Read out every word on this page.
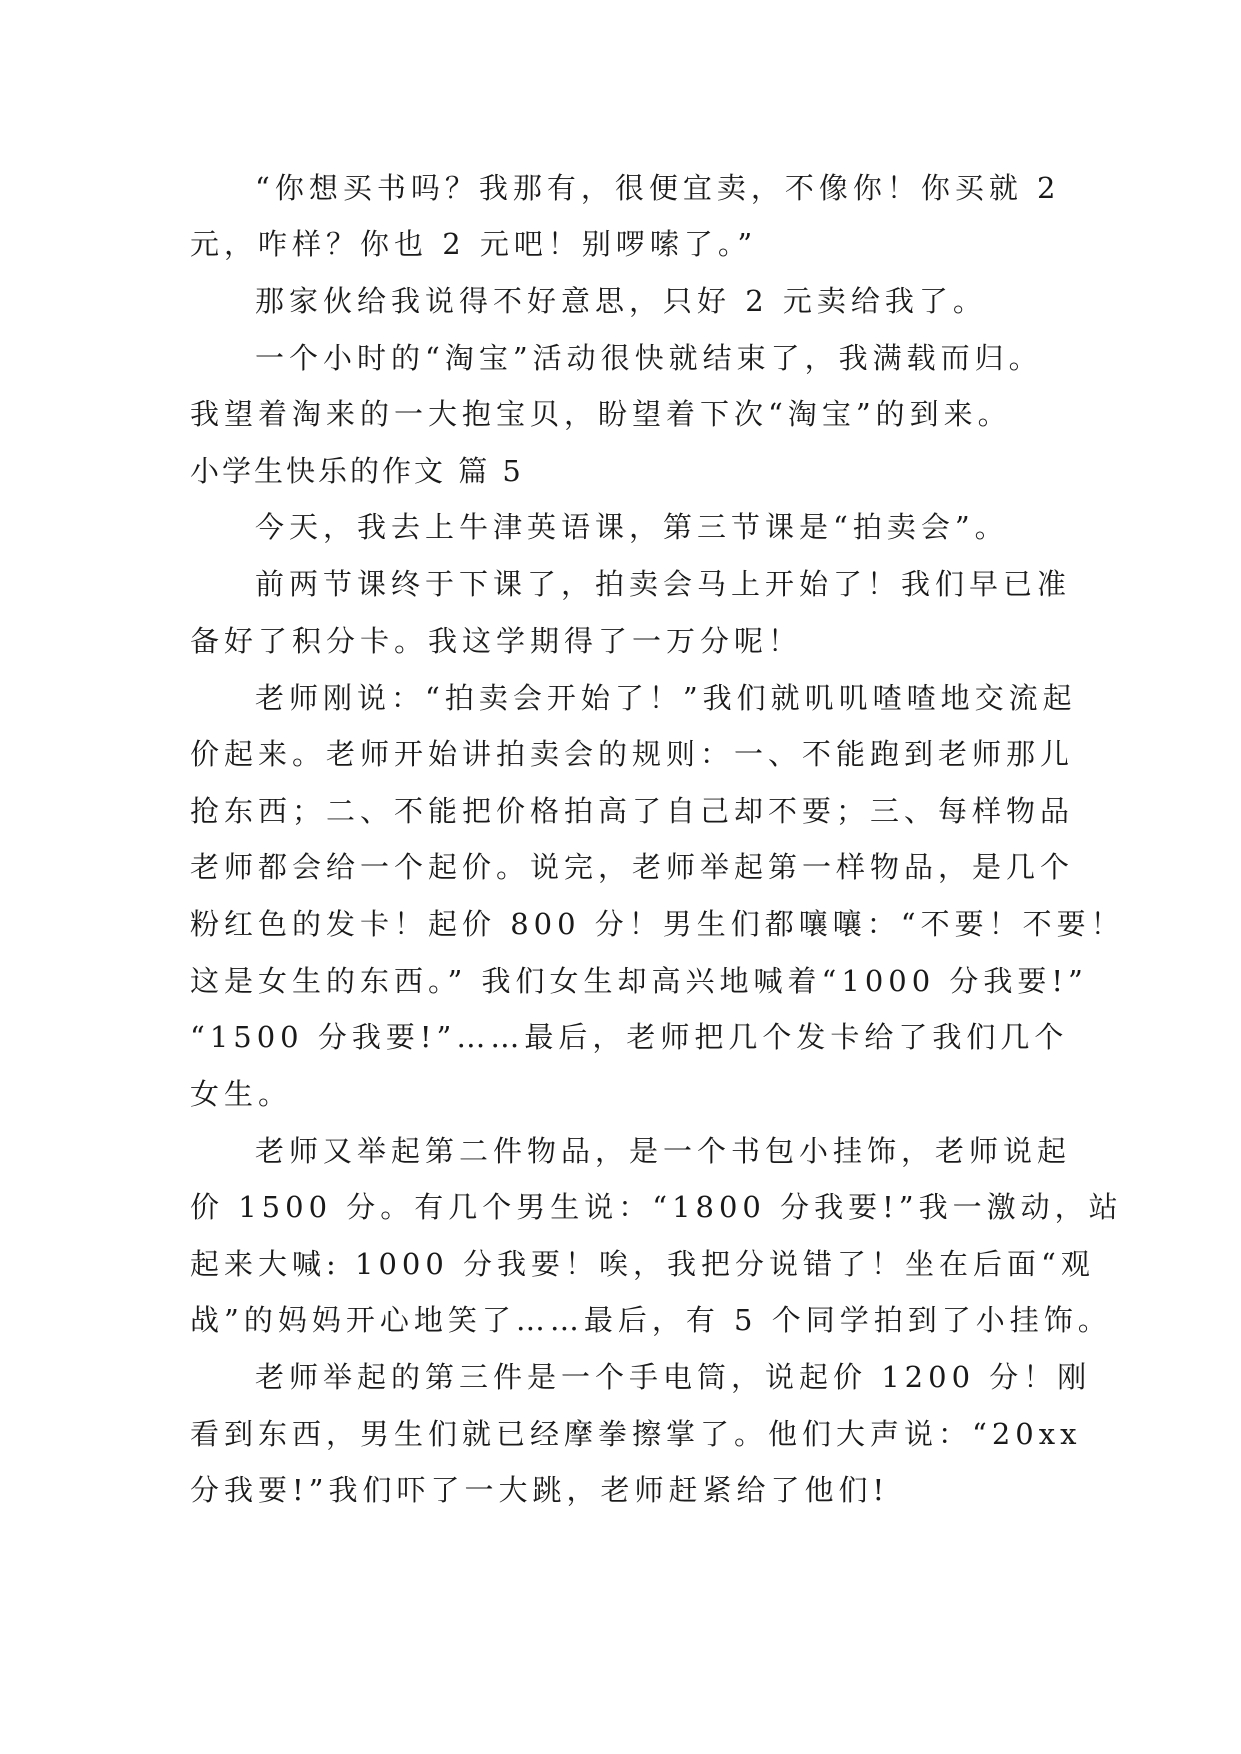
“你想买书吗？我那有，很便宜卖，不像你！你买就 2
元，咋样？你也 2 元吧！别啰嗦了。”
那家伙给我说得不好意思，只好 2 元卖给我了。
一个小时的“淘宝”活动很快就结束了，我满载而归。
我望着淘来的一大抱宝贝，盼望着下次“淘宝”的到来。
小学生快乐的作文 篇 5
今天，我去上牛津英语课，第三节课是“拍卖会”。
前两节课终于下课了，拍卖会马上开始了！我们早已准
备好了积分卡。我这学期得了一万分呢！
老师刚说：“拍卖会开始了！”我们就叽叽喳喳地交流起
价起来。老师开始讲拍卖会的规则：一、不能跑到老师那儿
抢东西；二、不能把价格拍高了自己却不要；三、每样物品
老师都会给一个起价。说完，老师举起第一样物品，是几个
粉红色的发卡！起价 800 分！男生们都嚷嚷：“不要！不要！
这是女生的东西。” 我们女生却高兴地喊着“1000 分我要!”
“1500 分我要!”……最后，老师把几个发卡给了我们几个
女生。
老师又举起第二件物品，是一个书包小挂饰，老师说起
价 1500 分。有几个男生说：“1800 分我要!”我一激动，站
起来大喊: 1000 分我要！唉，我把分说错了！坐在后面“观
战”的妈妈开心地笑了……最后，有 5 个同学拍到了小挂饰。
老师举起的第三件是一个手电筒，说起价 1200 分！刚
看到东西，男生们就已经摩拳擦掌了。他们大声说：“20xx
分我要!”我们吓了一大跳，老师赶紧给了他们!
